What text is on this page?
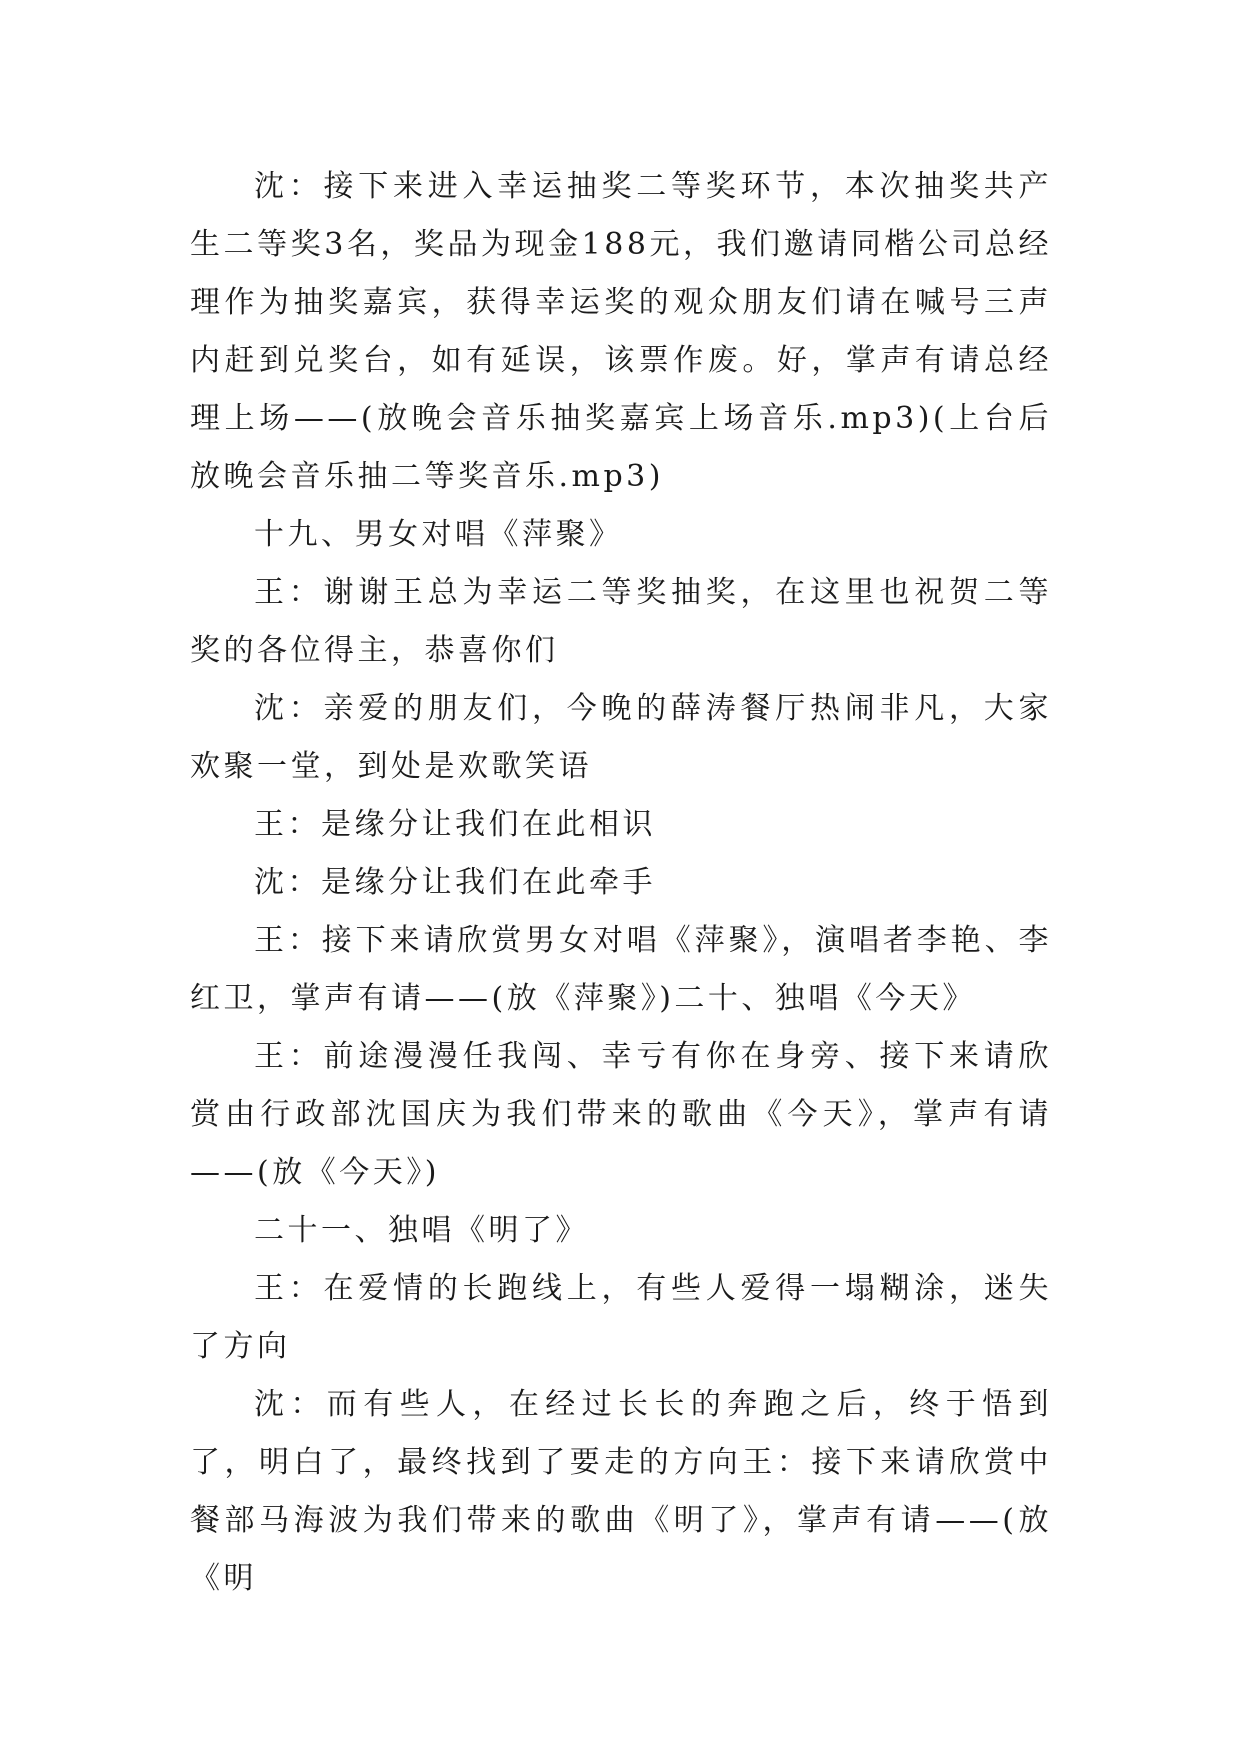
沈：接下来进入幸运抽奖二等奖环节，本次抽奖共产生二等奖3名，奖品为现金188元，我们邀请同楷公司总经理作为抽奖嘉宾，获得幸运奖的观众朋友们请在喊号三声内赶到兑奖台，如有延误，该票作废。好，掌声有请总经理上场——(放晚会音乐抽奖嘉宾上场音乐.mp3)(上台后放晚会音乐抽二等奖音乐.mp3)

十九、男女对唱《萍聚》

王：谢谢王总为幸运二等奖抽奖，在这里也祝贺二等奖的各位得主，恭喜你们

沈：亲爱的朋友们，今晚的薛涛餐厅热闹非凡，大家欢聚一堂，到处是欢歌笑语

王：是缘分让我们在此相识

沈：是缘分让我们在此牵手

王：接下来请欣赏男女对唱《萍聚》，演唱者李艳、李红卫，掌声有请——(放《萍聚》)二十、独唱《今天》

王：前途漫漫任我闯、幸亏有你在身旁、接下来请欣赏由行政部沈国庆为我们带来的歌曲《今天》，掌声有请——(放《今天》)

二十一、独唱《明了》

王：在爱情的长跑线上，有些人爱得一塌糊涂，迷失了方向

沈：而有些人，在经过长长的奔跑之后，终于悟到了，明白了，最终找到了要走的方向王：接下来请欣赏中餐部马海波为我们带来的歌曲《明了》，掌声有请——(放《明
